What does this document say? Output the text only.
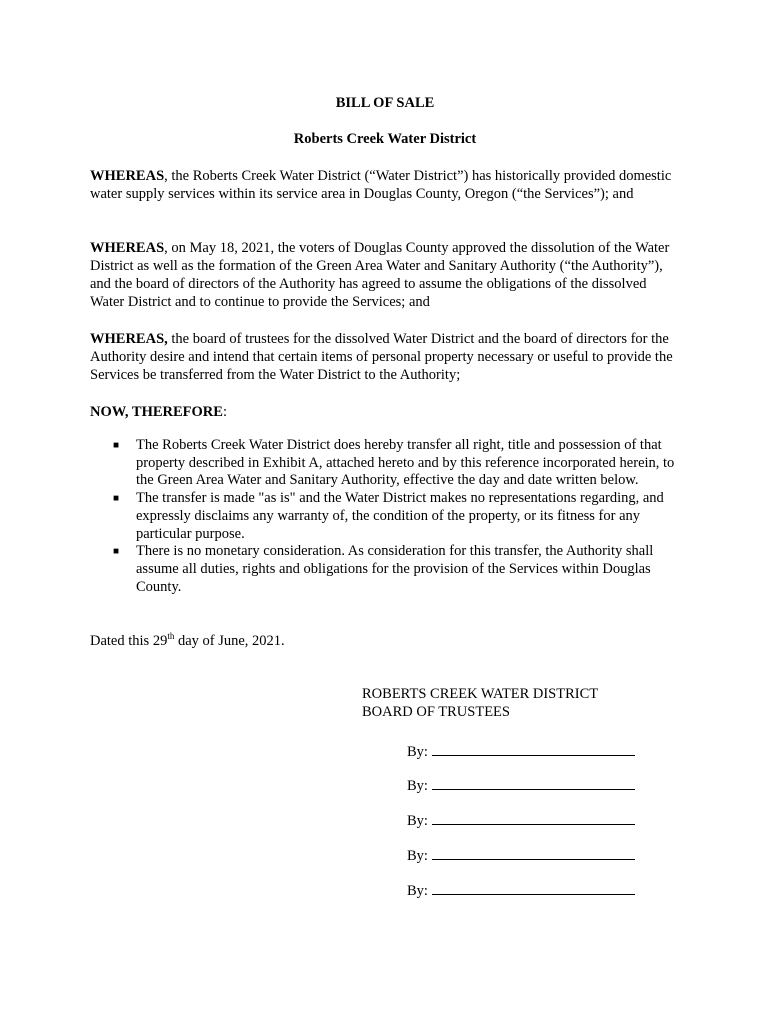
BILL OF SALE
Roberts Creek Water District
WHEREAS, the Roberts Creek Water District (“Water District”) has historically provided domestic water supply services within its service area in Douglas County, Oregon (“the Services”); and
WHEREAS, on May 18, 2021, the voters of Douglas County approved the dissolution of the Water District as well as the formation of the Green Area Water and Sanitary Authority (“the Authority”), and the board of directors of the Authority has agreed to assume the obligations of the dissolved Water District and to continue to provide the Services; and
WHEREAS, the board of trustees for the dissolved Water District and the board of directors for the Authority desire and intend that certain items of personal property necessary or useful to provide the Services be transferred from the Water District to the Authority;
NOW, THEREFORE:
■ The Roberts Creek Water District does hereby transfer all right, title and possession of that property described in Exhibit A, attached hereto and by this reference incorporated herein, to the Green Area Water and Sanitary Authority, effective the day and date written below.
■ The transfer is made "as is" and the Water District makes no representations regarding, and expressly disclaims any warranty of, the condition of the property, or its fitness for any particular purpose.
■ There is no monetary consideration. As consideration for this transfer, the Authority shall assume all duties, rights and obligations for the provision of the Services within Douglas County.
Dated this 29th day of June, 2021.
ROBERTS CREEK WATER DISTRICT
BOARD OF TRUSTEES
By:
By:
By:
By:
By:
